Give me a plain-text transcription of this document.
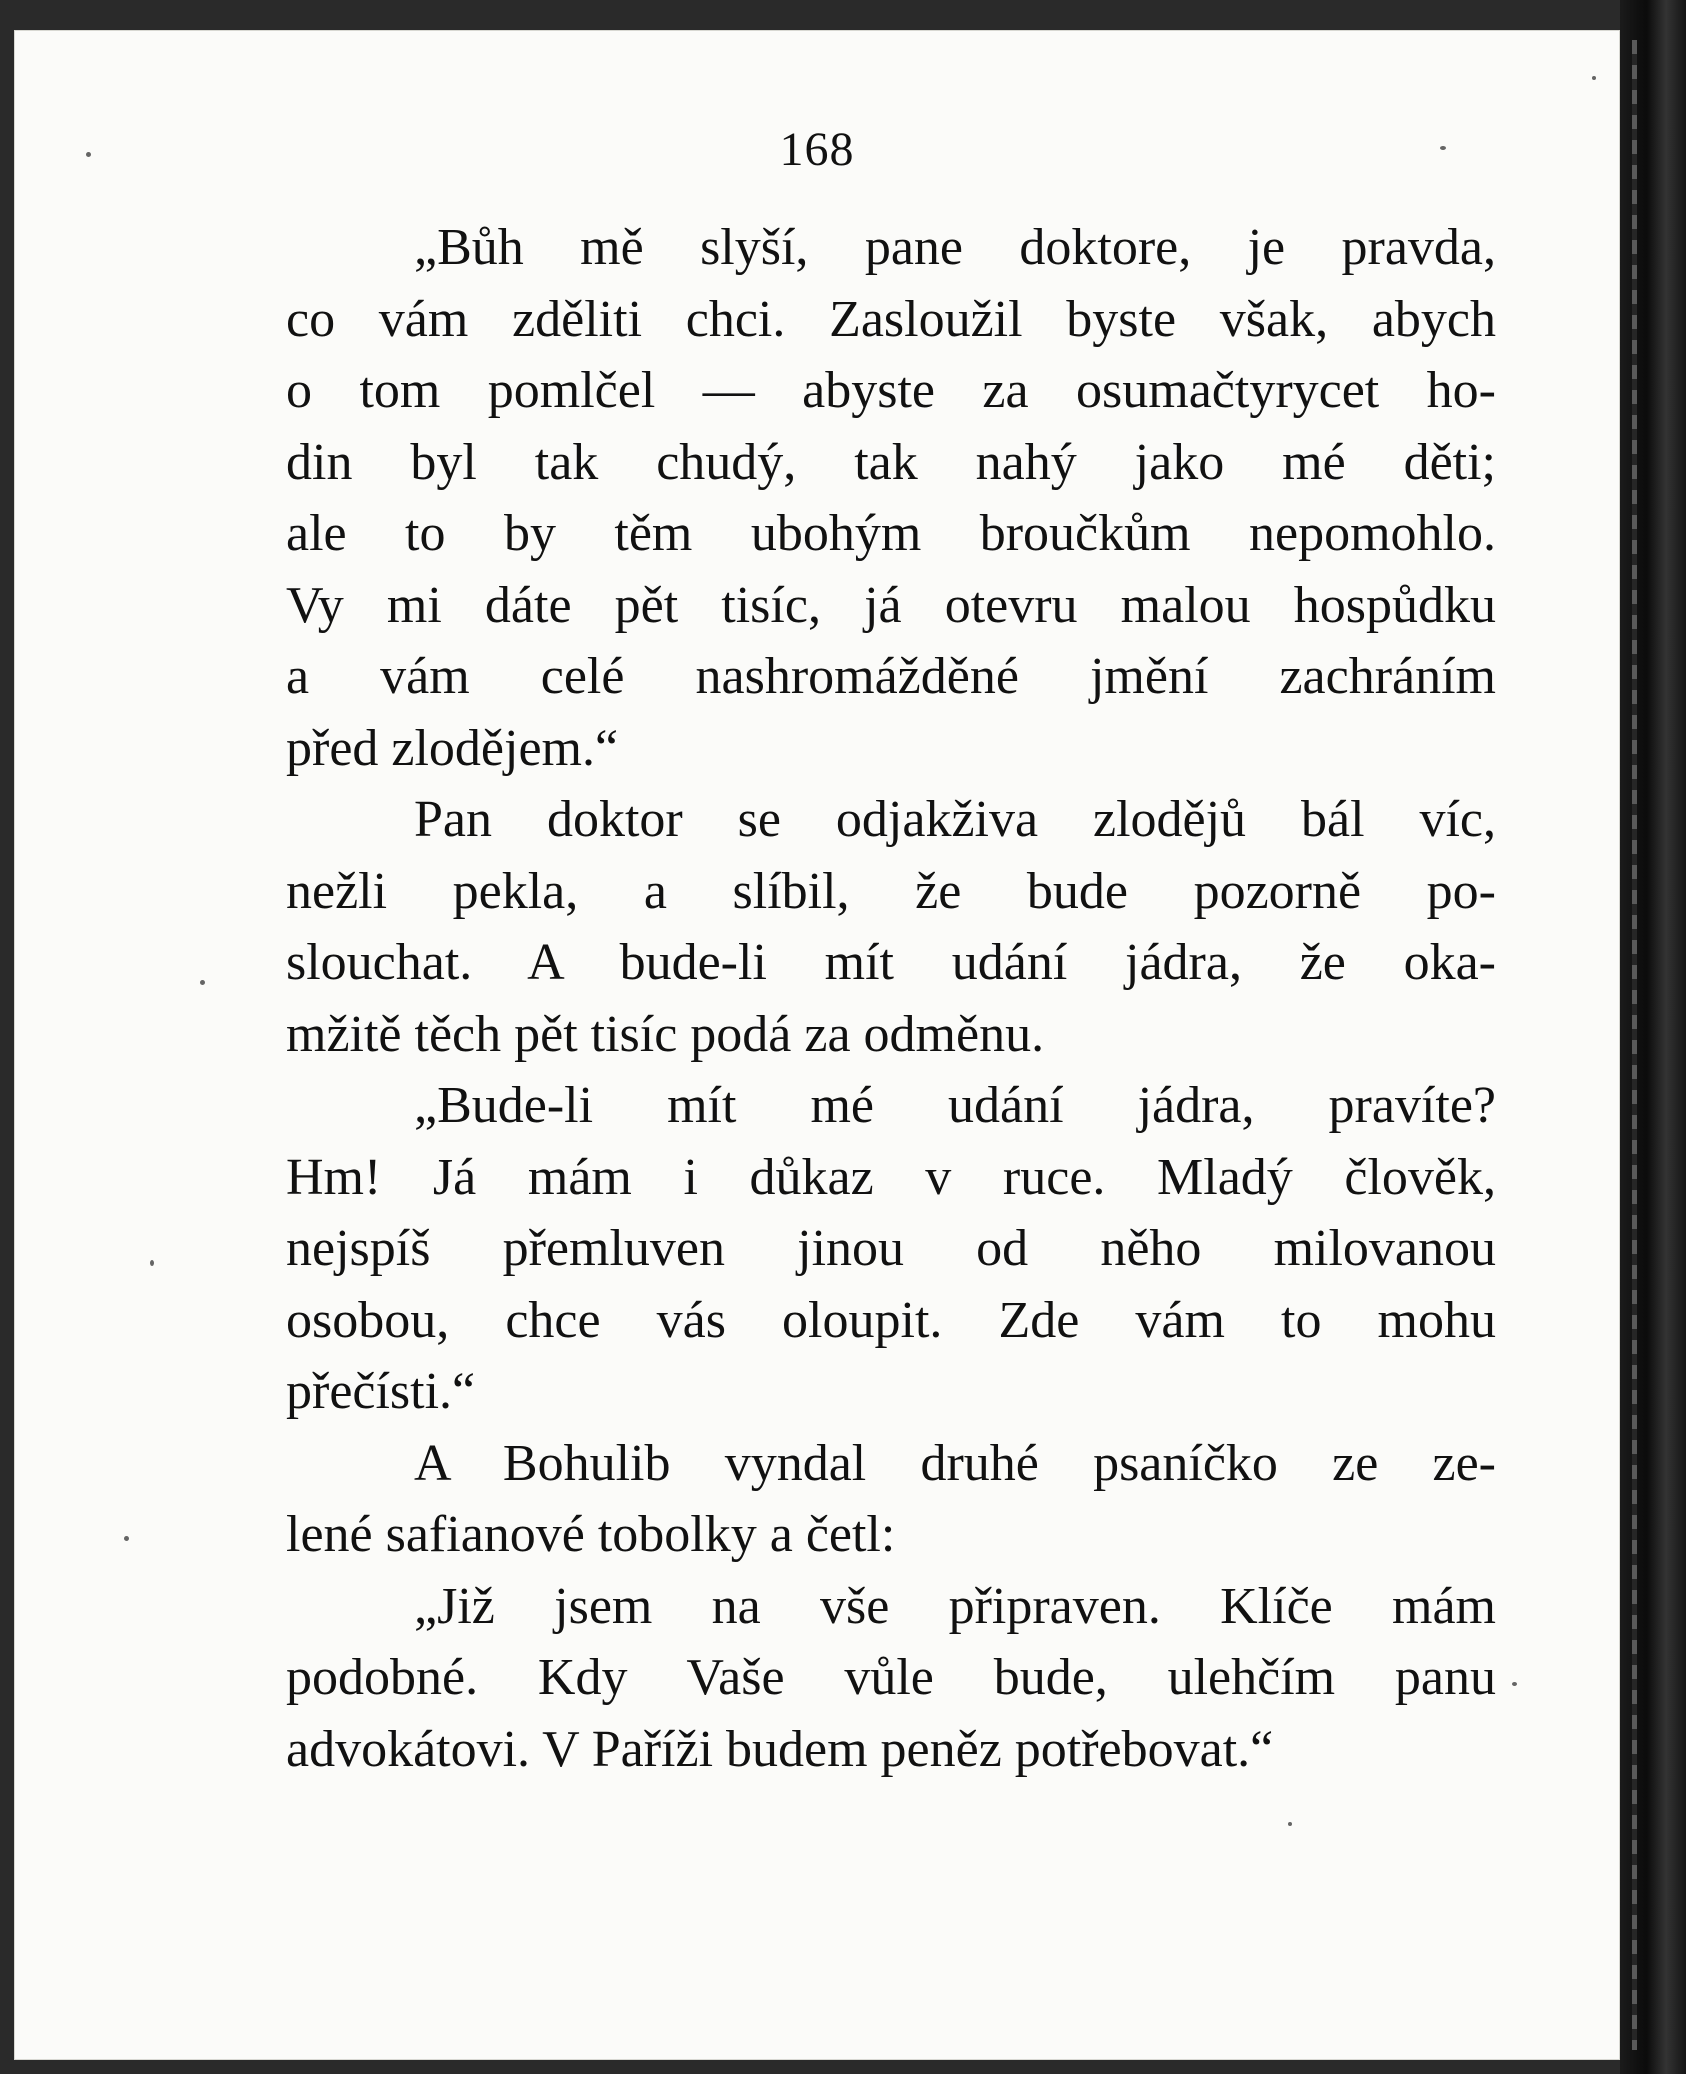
168
„Bůh mě slyší, pane doktore, je pravda,
co vám zděliti chci. Zasloužil byste však, abych
o tom pomlčel — abyste za osumačtyrycet ho-
din byl tak chudý, tak nahý jako mé děti;
ale to by těm ubohým broučkům nepomohlo.
Vy mi dáte pět tisíc, já otevru malou hospůdku
a vám celé nashromážděné jmění zachráním
před zlodějem.“
Pan doktor se odjakživa zlodějů bál víc,
nežli pekla, a slíbil, že bude pozorně po-
slouchat. A bude-li mít udání jádra, že oka-
mžitě těch pět tisíc podá za odměnu.
„Bude-li mít mé udání jádra, pravíte?
Hm! Já mám i důkaz v ruce. Mladý člověk,
nejspíš přemluven jinou od něho milovanou
osobou, chce vás oloupit. Zde vám to mohu
přečísti.“
A Bohulib vyndal druhé psaníčko ze ze-
lené safianové tobolky a četl:
„Již jsem na vše připraven. Klíče mám
podobné. Kdy Vaše vůle bude, ulehčím panu
advokátovi. V Paříži budem peněz potřebovat.“
